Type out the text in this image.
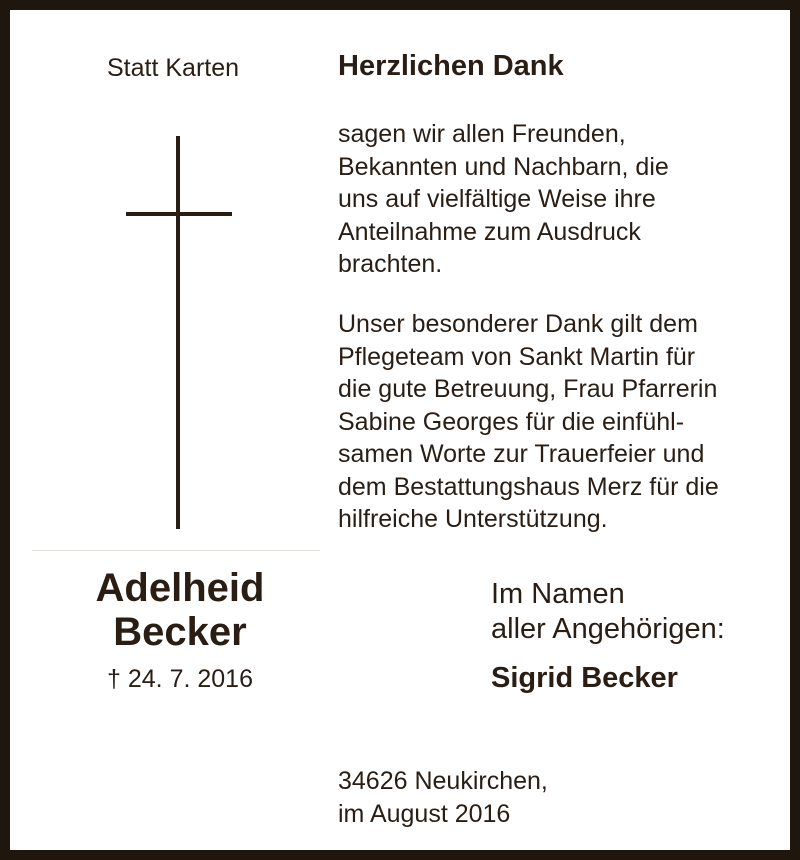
Statt Karten	Herzlichen Dank
sagen wir allen Freunden,
Bekannten und Nachbarn, die
uns auf vielfältige Weise ihre
Anteilnahme zum Ausdruck
brachten.
Unser besonderer Dank gilt dem
Pflegeteam von Sankt Martin für
die gute Betreuung, Frau Pfarrerin
Sabine Georges für die einfühl-
samen Worte zur Trauerfeier und
dem Bestattungshaus Merz für die
hilfreiche Unterstützung.
Adelheid
Becker
† 24. 7. 2016
Im Namen
aller Angehörigen:
Sigrid Becker
34626 Neukirchen,
im August 2016
